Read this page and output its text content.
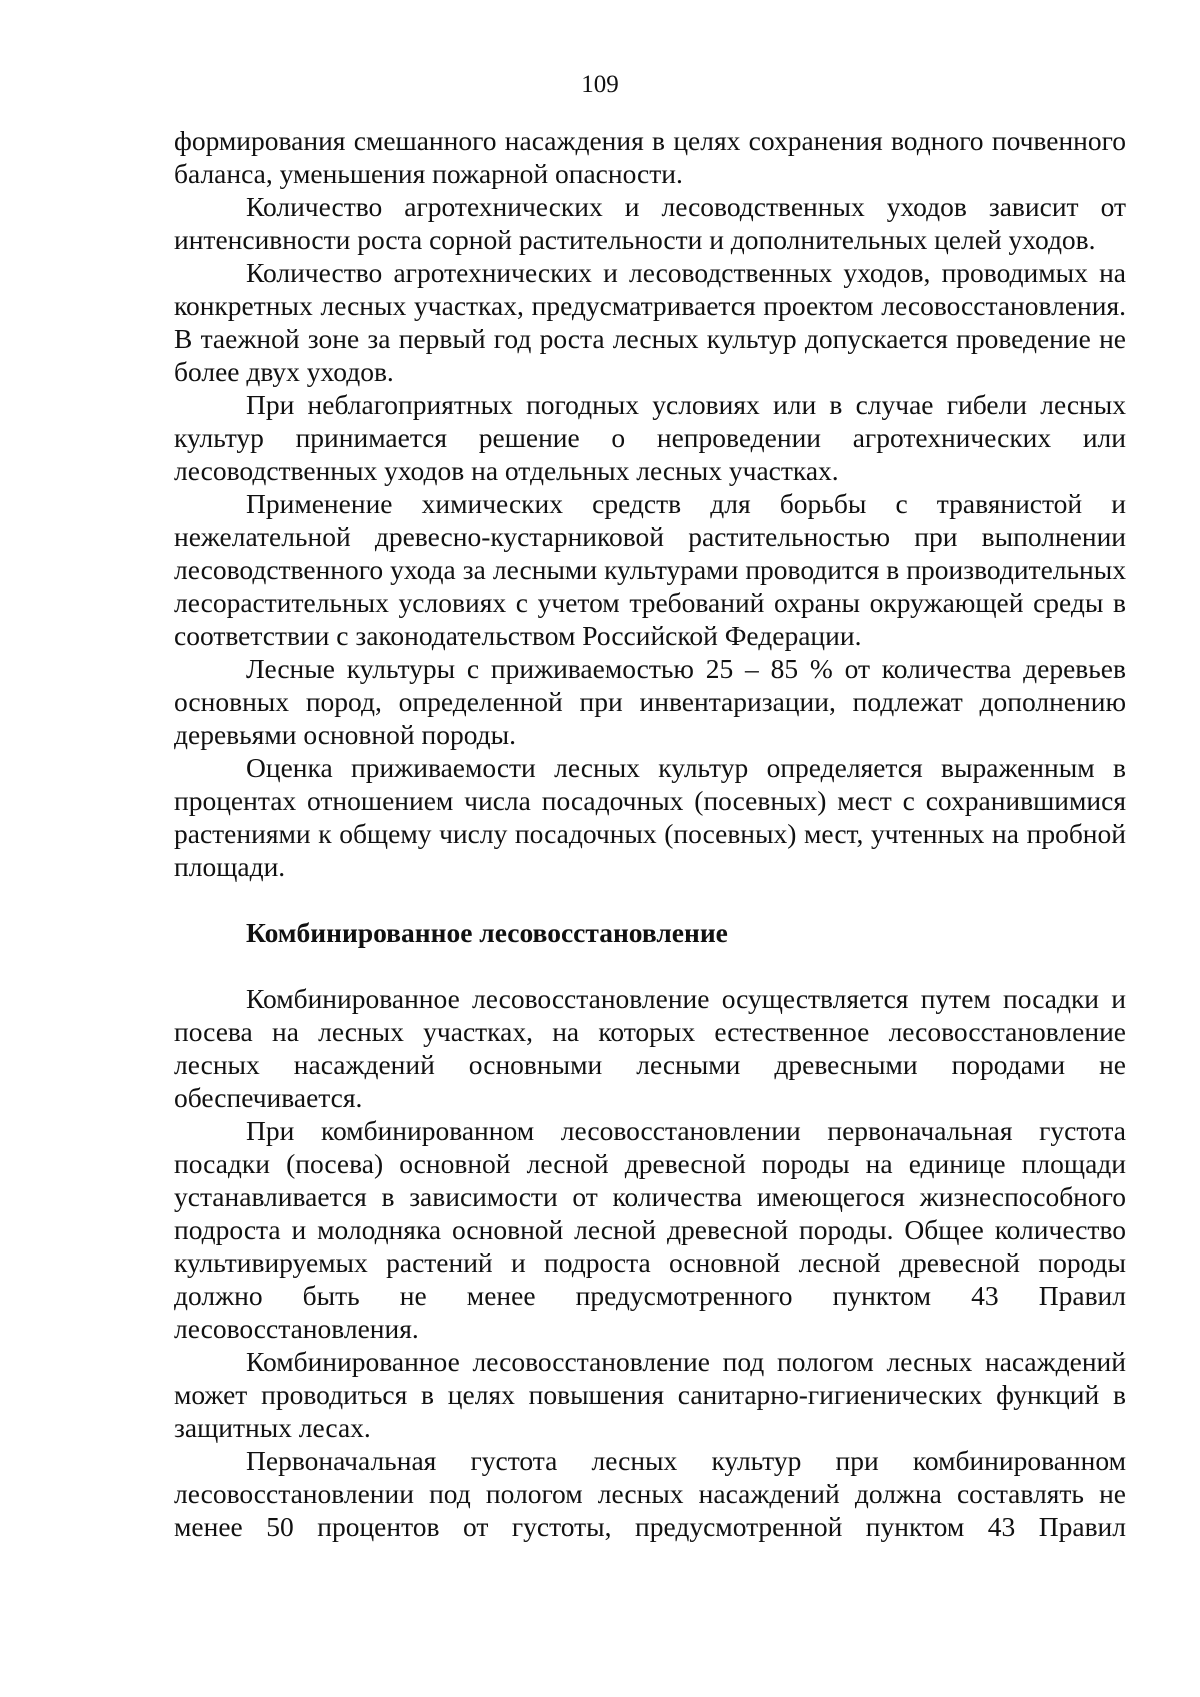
109

формирования смешанного насаждения в целях сохранения водного почвенного баланса, уменьшения пожарной опасности.

Количество агротехнических и лесоводственных уходов зависит от интенсивности роста сорной растительности и дополнительных целей уходов.

Количество агротехнических и лесоводственных уходов, проводимых на конкретных лесных участках, предусматривается проектом лесовосстановления. В таежной зоне за первый год роста лесных культур допускается проведение не более двух уходов.

При неблагоприятных погодных условиях или в случае гибели лесных культур принимается решение о непроведении агротехнических или лесоводственных уходов на отдельных лесных участках.

Применение химических средств для борьбы с травянистой и нежелательной древесно-кустарниковой растительностью при выполнении лесоводственного ухода за лесными культурами проводится в производительных лесорастительных условиях с учетом требований охраны окружающей среды в соответствии с законодательством Российской Федерации.

Лесные культуры с приживаемостью 25 – 85 % от количества деревьев основных пород, определенной при инвентаризации, подлежат дополнению деревьями основной породы.

Оценка приживаемости лесных культур определяется выраженным в процентах отношением числа посадочных (посевных) мест с сохранившимися растениями к общему числу посадочных (посевных) мест, учтенных на пробной площади.

Комбинированное лесовосстановление

Комбинированное лесовосстановление осуществляется путем посадки и посева на лесных участках, на которых естественное лесовосстановление лесных насаждений основными лесными древесными породами не обеспечивается.

При комбинированном лесовосстановлении первоначальная густота посадки (посева) основной лесной древесной породы на единице площади устанавливается в зависимости от количества имеющегося жизнеспособного подроста и молодняка основной лесной древесной породы. Общее количество культивируемых растений и подроста основной лесной древесной породы должно быть не менее предусмотренного пунктом 43 Правил лесовосстановления.

Комбинированное лесовосстановление под пологом лесных насаждений может проводиться в целях повышения санитарно-гигиенических функций в защитных лесах.

Первоначальная густота лесных культур при комбинированном лесовосстановлении под пологом лесных насаждений должна составлять не менее 50 процентов от густоты, предусмотренной пунктом 43 Правил
